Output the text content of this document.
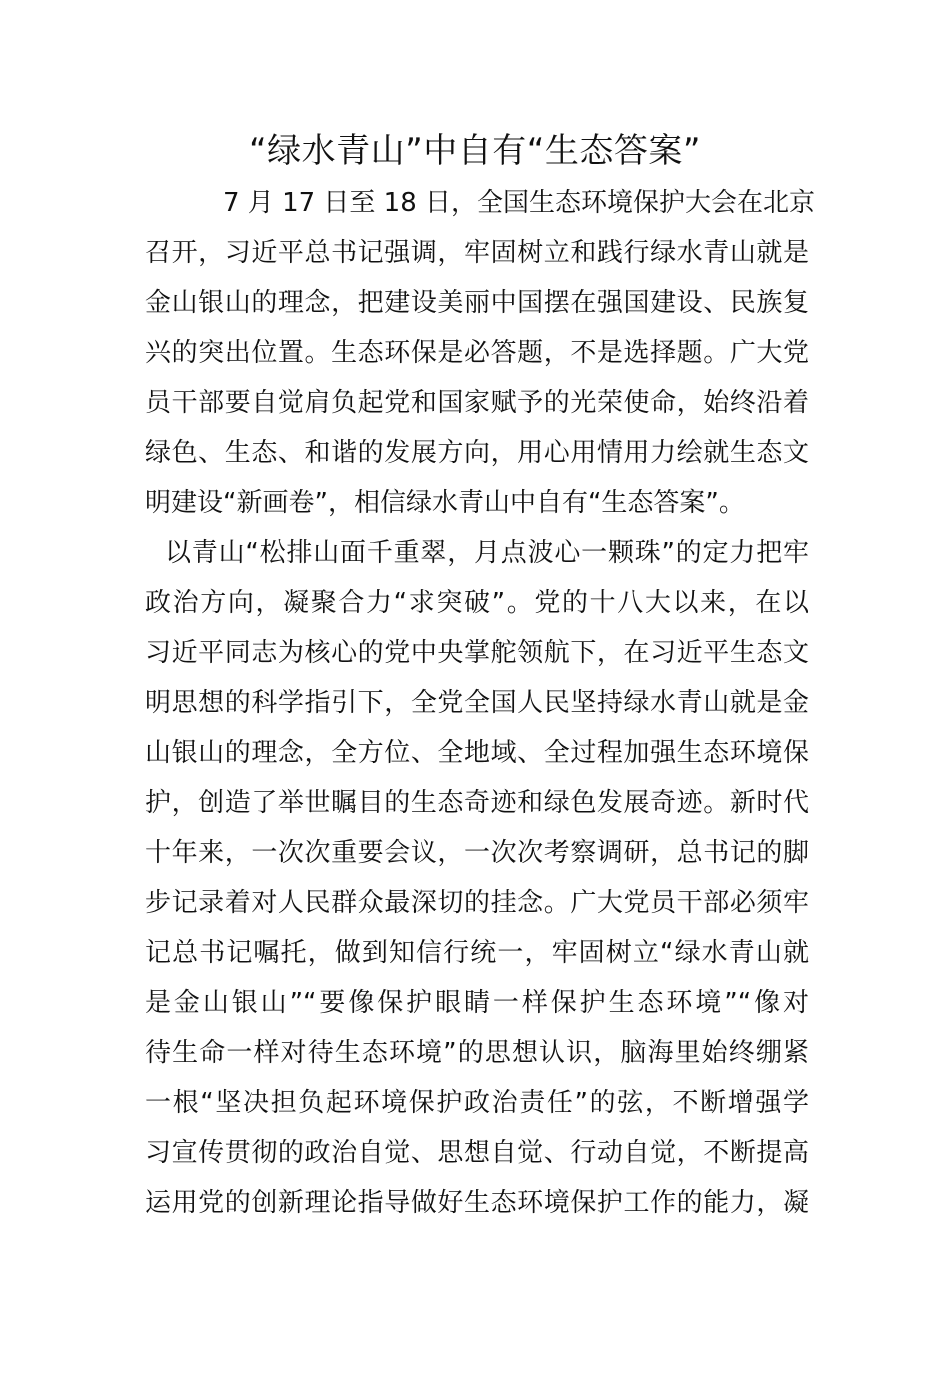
“绿水青山”中自有“生态答案”
7 月 17 日至 18 日，全国生态环境保护大会在北京
召开，习近平总书记强调，牢固树立和践行绿水青山就是
金山银山的理念，把建设美丽中国摆在强国建设、民族复
兴的突出位置。生态环保是必答题，不是选择题。广大党
员干部要自觉肩负起党和国家赋予的光荣使命，始终沿着
绿色、生态、和谐的发展方向，用心用情用力绘就生态文
明建设“新画卷”，相信绿水青山中自有“生态答案”。
以青山“松排山面千重翠，月点波心一颗珠”的定力把牢
政治方向，凝聚合力“求突破”。党的十八大以来，在以
习近平同志为核心的党中央掌舵领航下，在习近平生态文
明思想的科学指引下，全党全国人民坚持绿水青山就是金
山银山的理念，全方位、全地域、全过程加强生态环境保
护，创造了举世瞩目的生态奇迹和绿色发展奇迹。新时代
十年来，一次次重要会议，一次次考察调研，总书记的脚
步记录着对人民群众最深切的挂念。广大党员干部必须牢
记总书记嘱托，做到知信行统一，牢固树立“绿水青山就
是金山银山”“要像保护眼睛一样保护生态环境”“像对
待生命一样对待生态环境”的思想认识，脑海里始终绷紧
一根“坚决担负起环境保护政治责任”的弦，不断增强学
习宣传贯彻的政治自觉、思想自觉、行动自觉，不断提高
运用党的创新理论指导做好生态环境保护工作的能力，凝
